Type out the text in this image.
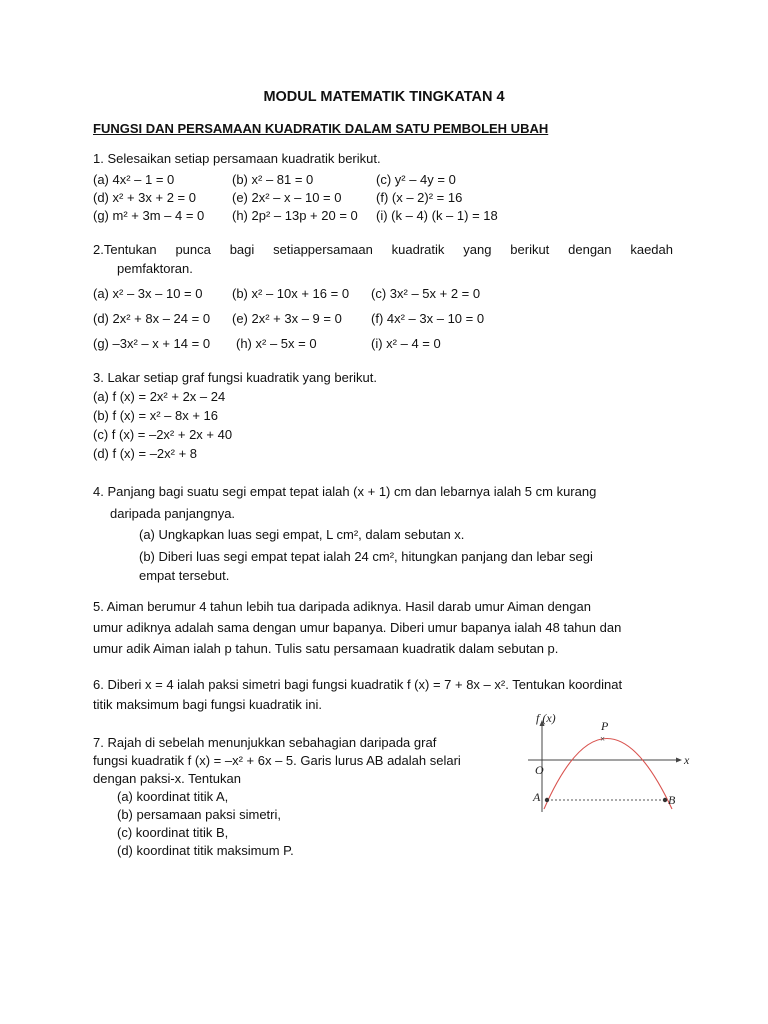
MODUL MATEMATIK TINGKATAN 4
FUNGSI DAN PERSAMAAN KUADRATIK DALAM SATU PEMBOLEH UBAH
1. Selesaikan setiap persamaan kuadratik berikut.
(a) 4x² – 1 = 0	(b) x² – 81 = 0	(c) y² – 4y = 0
(d) x² + 3x + 2 = 0	(e) 2x² – x – 10 = 0	(f) (x – 2)² = 16
(g) m² + 3m – 4 = 0 (h) 2p² – 13p + 20 = 0 (i) (k – 4) (k – 1) = 18
2.Tentukan punca bagi setiappersamaan kuadratik yang berikut dengan kaedah
pemfaktoran.
(a) x² – 3x – 10 = 0 (b) x² – 10x + 16 = 0 (c) 3x² – 5x + 2 = 0
(d) 2x² + 8x – 24 = 0 (e) 2x² + 3x – 9 = 0 (f) 4x² – 3x – 10 = 0
(g) –3x² – x + 14 = 0 (h) x² – 5x = 0	(i) x² – 4 = 0
3. Lakar setiap graf fungsi kuadratik yang berikut.
(a) f (x) = 2x² + 2x – 24
(b) f (x) = x² – 8x + 16
(c) f (x) = –2x² + 2x + 40
(d) f (x) = –2x² + 8
4. Panjang bagi suatu segi empat tepat ialah (x + 1) cm dan lebarnya ialah 5 cm kurang
daripada panjangnya.
(a) Ungkapkan luas segi empat, L cm², dalam sebutan x.
(b) Diberi luas segi empat tepat ialah 24 cm², hitungkan panjang dan lebar segi
empat tersebut.
5. Aiman berumur 4 tahun lebih tua daripada adiknya. Hasil darab umur Aiman dengan
umur adiknya adalah sama dengan umur bapanya. Diberi umur bapanya ialah 48 tahun dan
umur adik Aiman ialah p tahun. Tulis satu persamaan kuadratik dalam sebutan p.
6. Diberi x = 4 ialah paksi simetri bagi fungsi kuadratik f (x) = 7 + 8x – x². Tentukan koordinat
titik maksimum bagi fungsi kuadratik ini.
7. Rajah di sebelah menunjukkan sebahagian daripada graf
fungsi kuadratik f (x) = –x² + 6x – 5. Garis lurus AB adalah selari
dengan paksi-x. Tentukan
(a) koordinat titik A,
(b) persamaan paksi simetri,
(c) koordinat titik B,
(d) koordinat titik maksimum P.
×
f (x)
x
O
P
A	B
